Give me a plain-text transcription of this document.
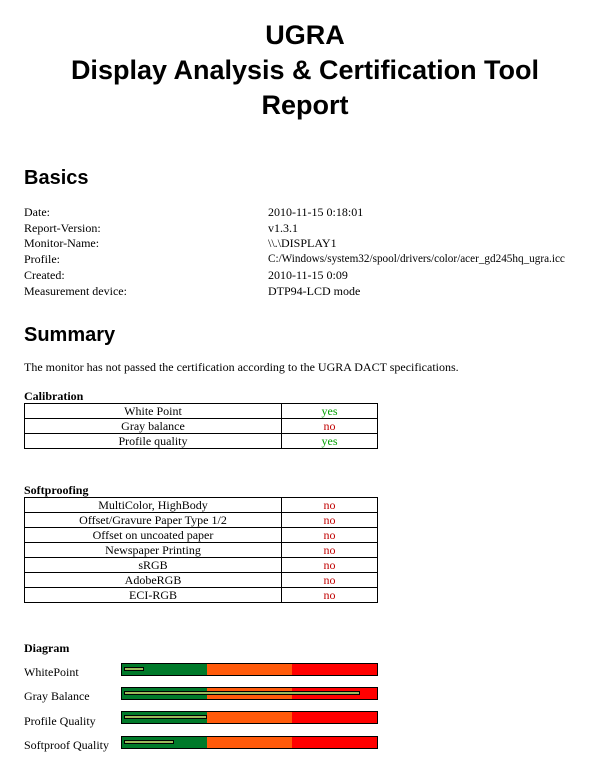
UGRA
Display Analysis & Certification Tool
Report
Basics
Date:	2010-11-15 0:18:01
Report-Version:	v1.3.1
Monitor-Name:	\\.\DISPLAY1
Profile:	C:/Windows/system32/spool/drivers/color/acer_gd245hq_ugra.icc
Created:	2010-11-15 0:09
Measurement device:	DTP94-LCD mode
Summary
The monitor has not passed the certification according to the UGRA DACT specifications.
Calibration
White Point	yes
Gray balance	no
Profile quality	yes
Softproofing
MultiColor, HighBody	no
Offset/Gravure Paper Type 1/2	no
Offset on uncoated paper	no
Newspaper Printing	no
sRGB	no
AdobeRGB	no
ECI-RGB	no
Diagram
WhitePoint
Gray Balance
Profile Quality
Softproof Quality
